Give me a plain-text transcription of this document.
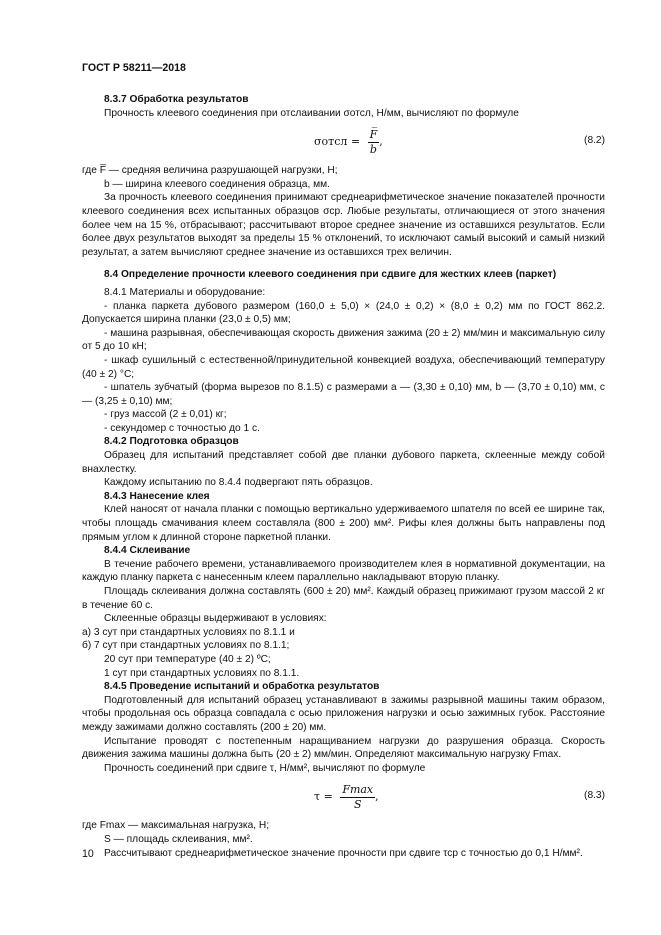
ГОСТ Р 58211—2018

8.3.7 Обработка результатов

Прочность клеевого соединения при отслаивании σотсл, Н/мм, вычисляют по формуле

σотсл = $\frac{F̅}{b}$ ,	(8.2)

где F̅ — средняя величина разрушающей нагрузки, Н;

b — ширина клеевого соединения образца, мм.

За прочность клеевого соединения принимают среднеарифметическое значение показателей прочности клеевого соединения всех испытанных образцов σср. Любые результаты, отличающиеся от этого значения более чем на 15 %, отбрасывают; рассчитывают второе среднее значение из оставшихся результатов. Если более двух результатов выходят за пределы 15 % отклонений, то исключают самый высокий и самый низкий результат, а затем вычисляют среднее значение из оставшихся трех величин.

8.4 Определение прочности клеевого соединения при сдвиге для жестких клеев (паркет)

8.4.1 Материалы и оборудование:

- планка паркета дубового размером (160,0 ± 5,0) × (24,0 ± 0,2) × (8,0 ± 0,2) мм по ГОСТ 862.2. Допускается ширина планки (23,0 ± 0,5) мм;

- машина разрывная, обеспечивающая скорость движения зажима (20 ± 2) мм/мин и максимальную силу от 5 до 10 кН;

- шкаф сушильный с естественной/принудительной конвекцией воздуха, обеспечивающий температуру (40 ± 2) °С;

- шпатель зубчатый (форма вырезов по 8.1.5) с размерами a — (3,30 ± 0,10) мм, b — (3,70 ± 0,10) мм, c — (3,25 ± 0,10) мм;

- груз массой (2 ± 0,01) кг;

- секундомер с точностью до 1 с.

8.4.2 Подготовка образцов

Образец для испытаний представляет собой две планки дубового паркета, склеенные между собой внахлестку.

Каждому испытанию по 8.4.4 подвергают пять образцов.

8.4.3 Нанесение клея

Клей наносят от начала планки с помощью вертикально удерживаемого шпателя по всей ее ширине так, чтобы площадь смачивания клеем составляла (800 ± 200) мм². Рифы клея должны быть направлены под прямым углом к длинной стороне паркетной планки.

8.4.4 Склеивание

В течение рабочего времени, устанавливаемого производителем клея в нормативной документации, на каждую планку паркета с нанесенным клеем параллельно накладывают вторую планку.

Площадь склеивания должна составлять (600 ± 20) мм². Каждый образец прижимают грузом массой 2 кг в течение 60 с.

Склеенные образцы выдерживают в условиях:

а) 3 сут при стандартных условиях по 8.1.1 и

б) 7 сут при стандартных условиях по 8.1.1;

20 сут при температуре (40 ± 2) ºС;

1 сут при стандартных условиях по 8.1.1.

8.4.5 Проведение испытаний и обработка результатов

Подготовленный для испытаний образец устанавливают в зажимы разрывной машины таким образом, чтобы продольная ось образца совпадала с осью приложения нагрузки и осью зажимных губок. Расстояние между зажимами должно составлять (200 ± 20) мм.

Испытание проводят с постепенным наращиванием нагрузки до разрушения образца. Скорость движения зажима машины должна быть (20 ± 2) мм/мин. Определяют максимальную нагрузку Fmax.

Прочность соединений при сдвиге τ, Н/мм², вычисляют по формуле

$\tau = \frac{Fmax}{S}$ ,	(8.3)

где Fmax — максимальная нагрузка, Н;

S — площадь склеивания, мм².

Рассчитывают среднеарифметическое значение прочности при сдвиге τср с точностью до 0,1 Н/мм².

10
